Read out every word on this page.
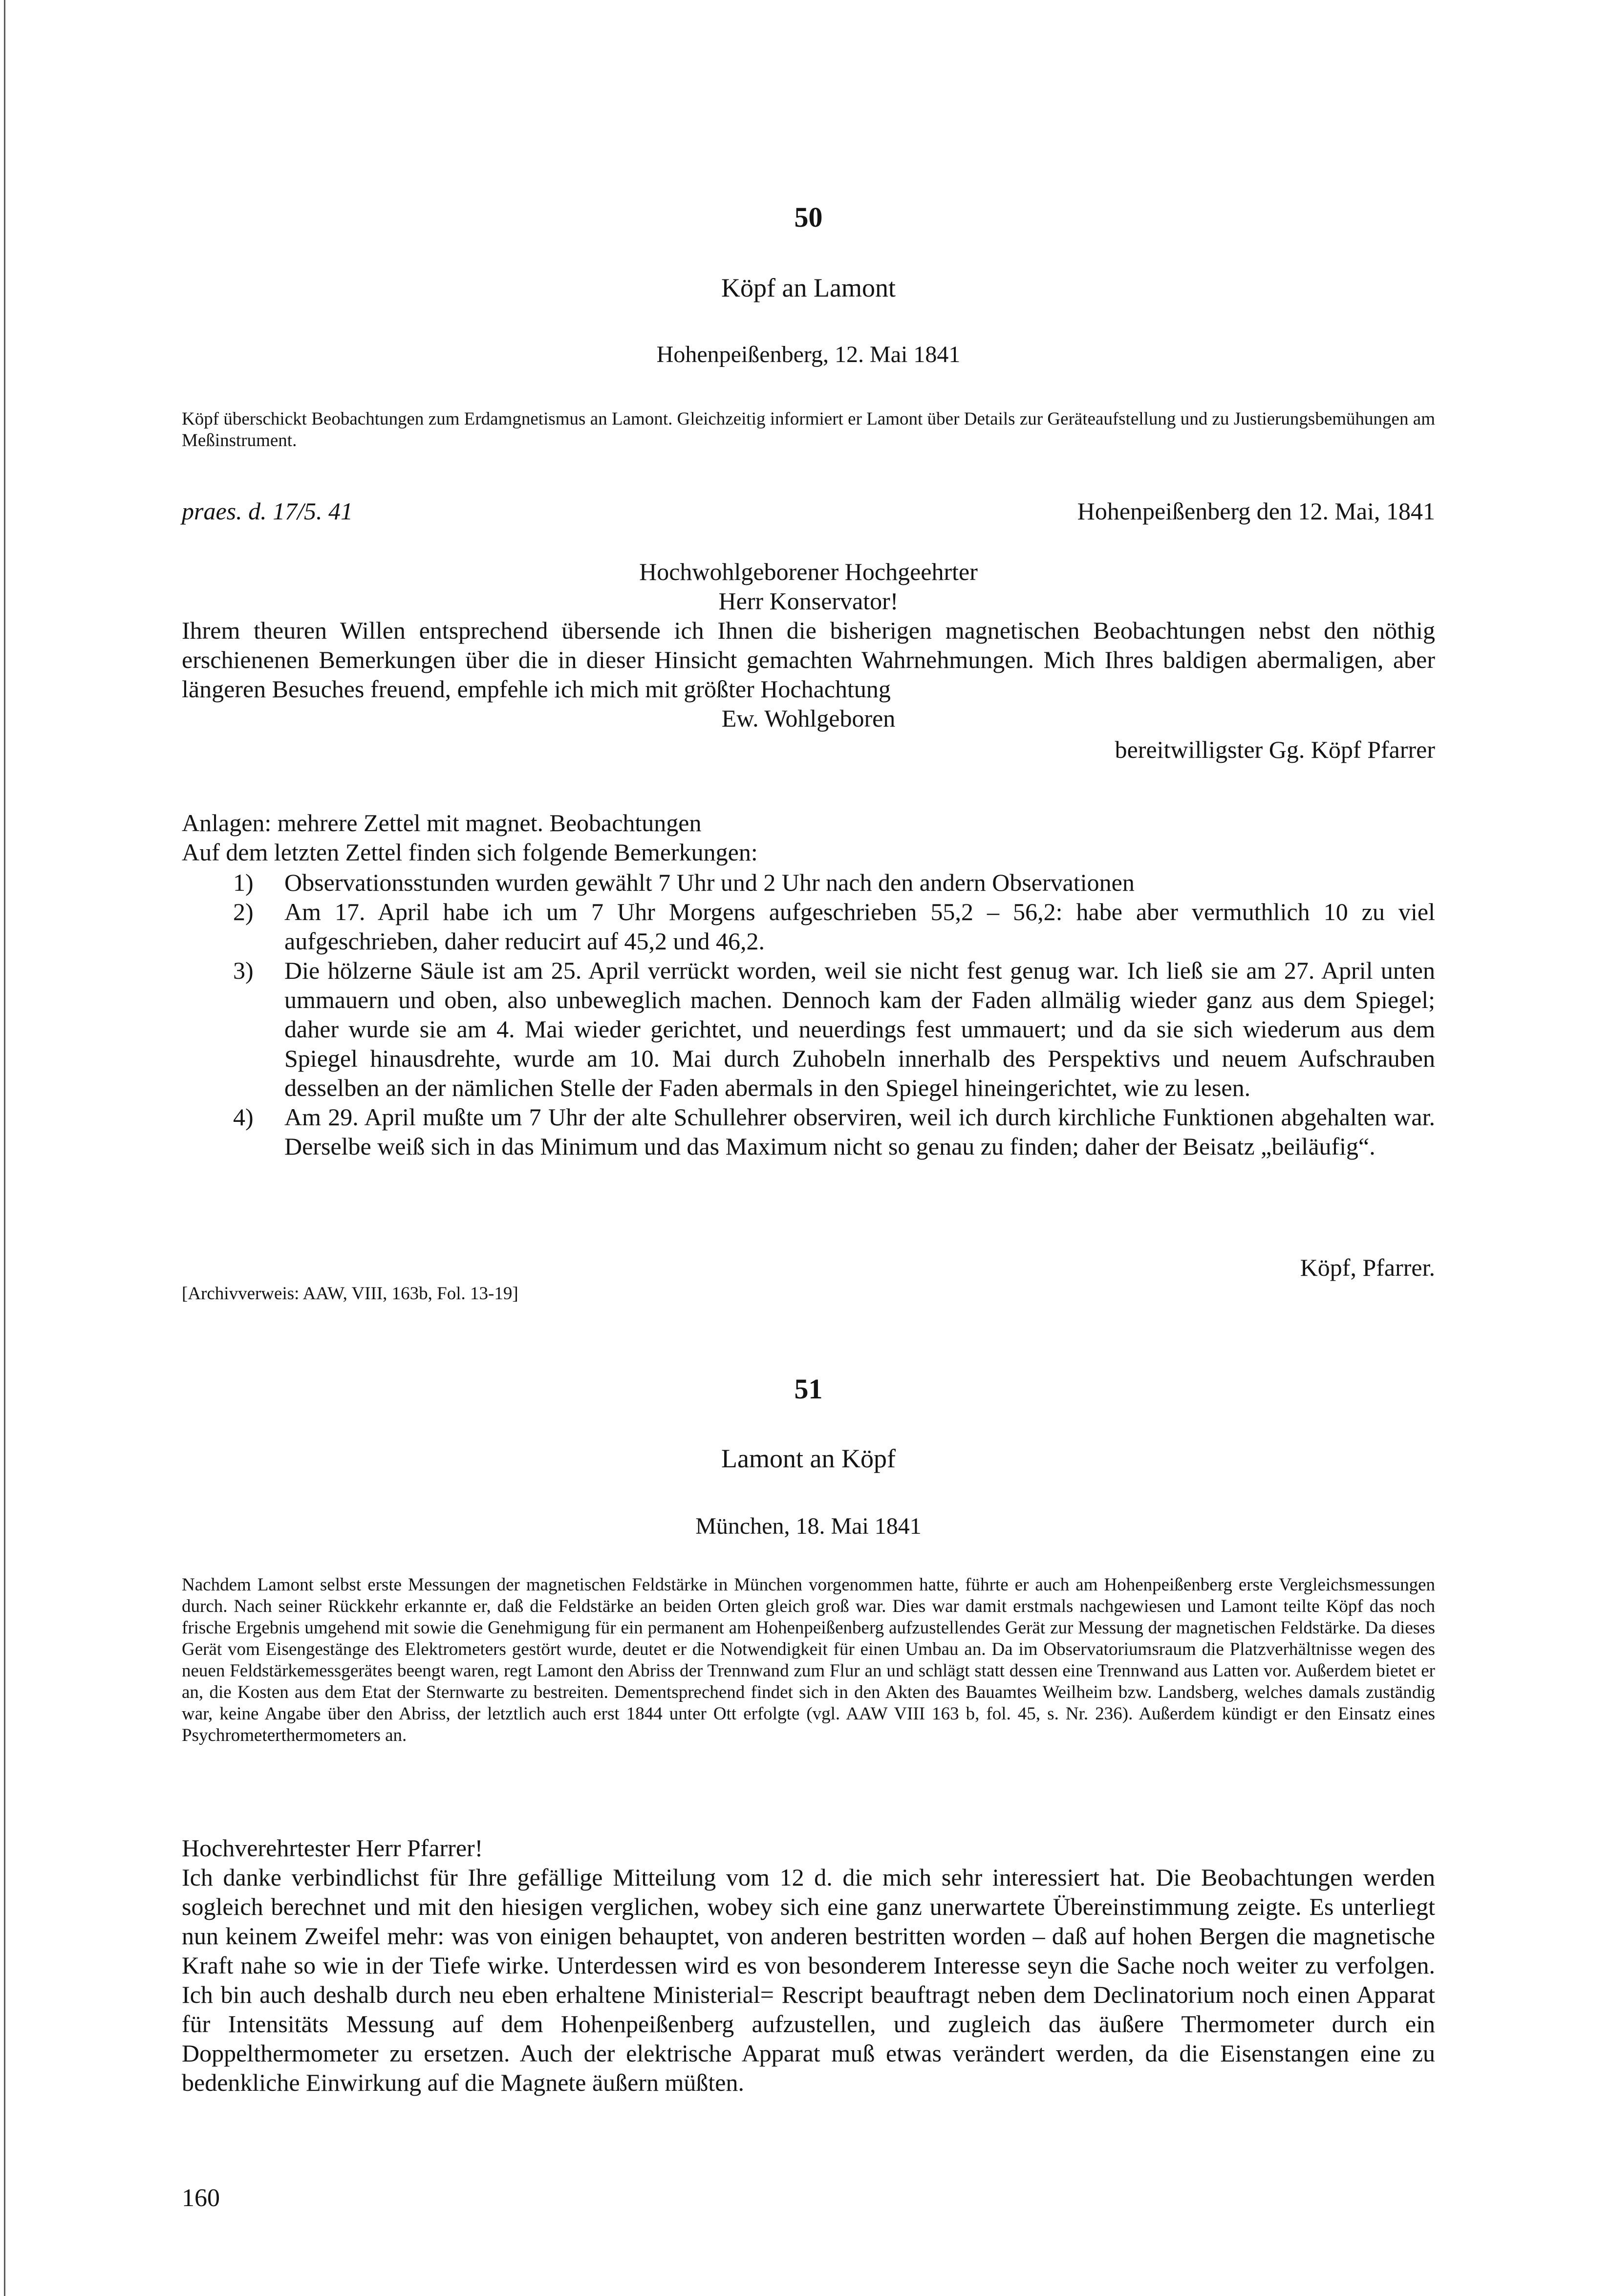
50
Köpf an Lamont
Hohenpeißenberg, 12. Mai 1841
Köpf überschickt Beobachtungen zum Erdamgnetismus an Lamont. Gleichzeitig informiert er Lamont über Details zur Geräteaufstellung und zu Justierungsbemühungen am Meßinstrument.
praes. d. 17/5. 41	Hohenpeißenberg den 12. Mai, 1841
Hochwohlgeborener Hochgeehrter
Herr Konservator!
Ihrem theuren Willen entsprechend übersende ich Ihnen die bisherigen magnetischen Beobachtungen nebst den nöthig erschienenen Bemerkungen über die in dieser Hinsicht gemachten Wahrnehmungen. Mich Ihres baldigen abermaligen, aber längeren Besuches freuend, empfehle ich mich mit größter Hochachtung
Ew. Wohlgeboren
bereitwilligster Gg. Köpf Pfarrer
Anlagen: mehrere Zettel mit magnet. Beobachtungen
Auf dem letzten Zettel finden sich folgende Bemerkungen:
1) Observationsstunden wurden gewählt 7 Uhr und 2 Uhr nach den andern Observationen
2) Am 17. April habe ich um 7 Uhr Morgens aufgeschrieben 55,2 – 56,2: habe aber vermuthlich 10 zu viel aufgeschrieben, daher reducirt auf 45,2 und 46,2.
3) Die hölzerne Säule ist am 25. April verrückt worden, weil sie nicht fest genug war. Ich ließ sie am 27. April unten ummauern und oben, also unbeweglich machen. Dennoch kam der Faden allmälig wieder ganz aus dem Spiegel; daher wurde sie am 4. Mai wieder gerichtet, und neuerdings fest ummauert; und da sie sich wiederum aus dem Spiegel hinausdrehte, wurde am 10. Mai durch Zuhobeln innerhalb des Perspektivs und neuem Aufschrauben desselben an der nämlichen Stelle der Faden abermals in den Spiegel hineingerichtet, wie zu lesen.
4) Am 29. April mußte um 7 Uhr der alte Schullehrer observiren, weil ich durch kirchliche Funktionen abgehalten war. Derselbe weiß sich in das Minimum und das Maximum nicht so genau zu finden; daher der Beisatz „beiläufig“.
Köpf, Pfarrer.
[Archivverweis: AAW, VIII, 163b, Fol. 13-19]
51
Lamont an Köpf
München, 18. Mai 1841
Nachdem Lamont selbst erste Messungen der magnetischen Feldstärke in München vorgenommen hatte, führte er auch am Hohenpeißenberg erste Vergleichsmessungen durch. Nach seiner Rückkehr erkannte er, daß die Feldstärke an beiden Orten gleich groß war. Dies war damit erstmals nachgewiesen und Lamont teilte Köpf das noch frische Ergebnis umgehend mit sowie die Genehmigung für ein permanent am Hohenpeißenberg aufzustellendes Gerät zur Messung der magnetischen Feldstärke. Da dieses Gerät vom Eisengestänge des Elektrometers gestört wurde, deutet er die Notwendigkeit für einen Umbau an. Da im Observatoriumsraum die Platzverhältnisse wegen des neuen Feldstärkemessgerätes beengt waren, regt Lamont den Abriss der Trennwand zum Flur an und schlägt statt dessen eine Trennwand aus Latten vor. Außerdem bietet er an, die Kosten aus dem Etat der Sternwarte zu bestreiten. Dementsprechend findet sich in den Akten des Bauamtes Weilheim bzw. Landsberg, welches damals zuständig war, keine Angabe über den Abriss, der letztlich auch erst 1844 unter Ott erfolgte (vgl. AAW VIII 163 b, fol. 45, s. Nr. 236). Außerdem kündigt er den Einsatz eines Psychrometerthermometers an.
Hochverehrtester Herr Pfarrer!
Ich danke verbindlichst für Ihre gefällige Mitteilung vom 12 d. die mich sehr interessiert hat. Die Beobachtungen werden sogleich berechnet und mit den hiesigen verglichen, wobey sich eine ganz unerwartete Übereinstimmung zeigte. Es unterliegt nun keinem Zweifel mehr: was von einigen behauptet, von anderen bestritten worden – daß auf hohen Bergen die magnetische Kraft nahe so wie in der Tiefe wirke. Unterdessen wird es von besonderem Interesse seyn die Sache noch weiter zu verfolgen. Ich bin auch deshalb durch neu eben erhaltene Ministerial= Rescript beauftragt neben dem Declinatorium noch einen Apparat für Intensitäts Messung auf dem Hohenpeißenberg aufzustellen, und zugleich das äußere Thermometer durch ein Doppelthermometer zu ersetzen. Auch der elektrische Apparat muß etwas verändert werden, da die Eisenstangen eine zu bedenkliche Einwirkung auf die Magnete äußern müßten.
160
